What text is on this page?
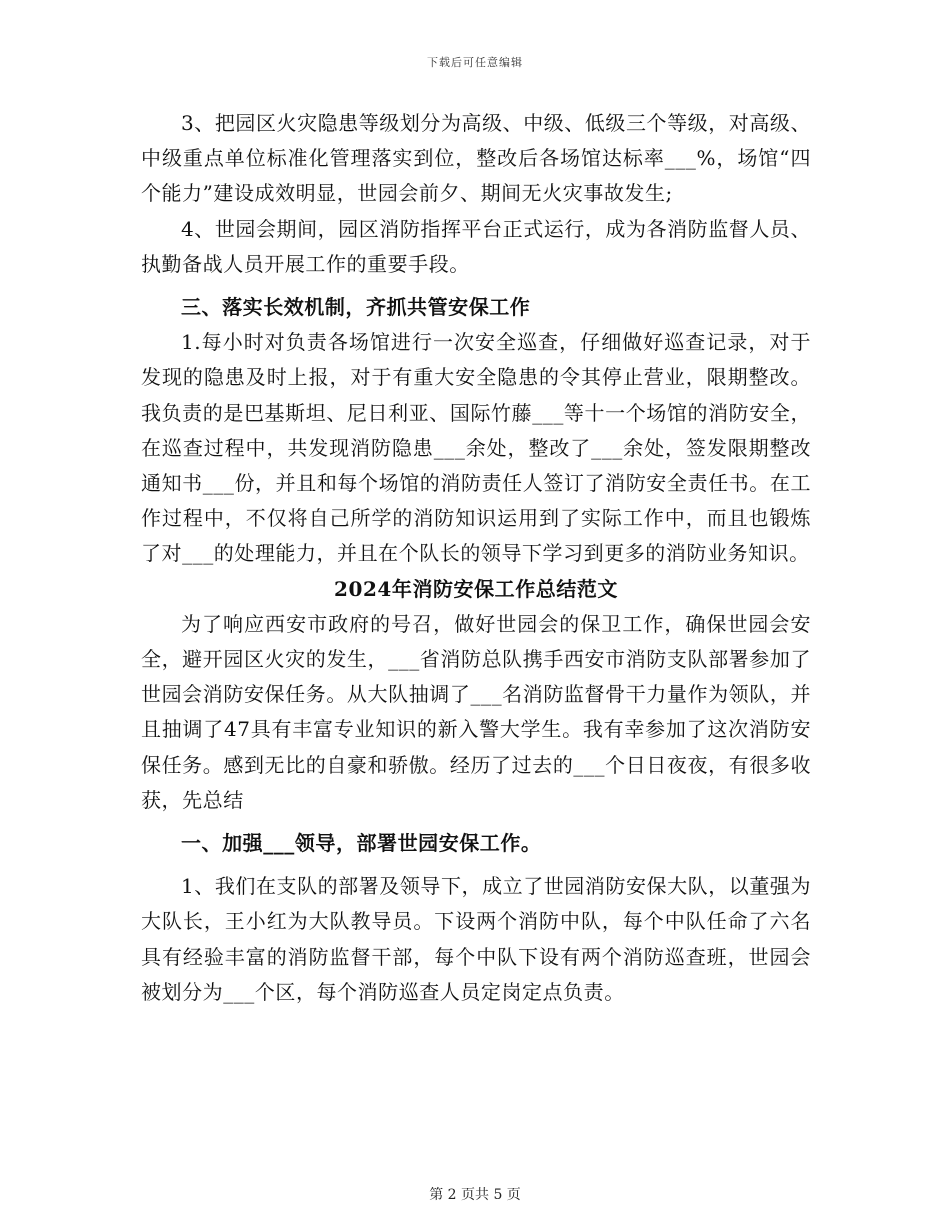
下载后可任意编辑

3、把园区火灾隐患等级划分为高级、中级、低级三个等级，对高级、中级重点单位标准化管理落实到位，整改后各场馆达标率___%，场馆“四个能力”建设成效明显，世园会前夕、期间无火灾事故发生;

4、世园会期间，园区消防指挥平台正式运行，成为各消防监督人员、执勤备战人员开展工作的重要手段。

三、落实长效机制，齐抓共管安保工作

1.每小时对负责各场馆进行一次安全巡查，仔细做好巡查记录，对于发现的隐患及时上报，对于有重大安全隐患的令其停止营业，限期整改。我负责的是巴基斯坦、尼日利亚、国际竹藤___等十一个场馆的消防安全，在巡查过程中，共发现消防隐患___余处，整改了___余处，签发限期整改通知书___份，并且和每个场馆的消防责任人签订了消防安全责任书。在工作过程中，不仅将自己所学的消防知识运用到了实际工作中，而且也锻炼了对___的处理能力，并且在个队长的领导下学习到更多的消防业务知识。

2024年消防安保工作总结范文

为了响应西安市政府的号召，做好世园会的保卫工作，确保世园会安全，避开园区火灾的发生，___省消防总队携手西安市消防支队部署参加了世园会消防安保任务。从大队抽调了___名消防监督骨干力量作为领队，并且抽调了47具有丰富专业知识的新入警大学生。我有幸参加了这次消防安保任务。感到无比的自豪和骄傲。经历了过去的___个日日夜夜，有很多收获，先总结

一、加强___领导，部署世园安保工作。

1、我们在支队的部署及领导下，成立了世园消防安保大队，以董强为大队长，王小红为大队教导员。下设两个消防中队，每个中队任命了六名具有经验丰富的消防监督干部，每个中队下设有两个消防巡查班，世园会被划分为___个区，每个消防巡查人员定岗定点负责。

第 2 页共 5 页
